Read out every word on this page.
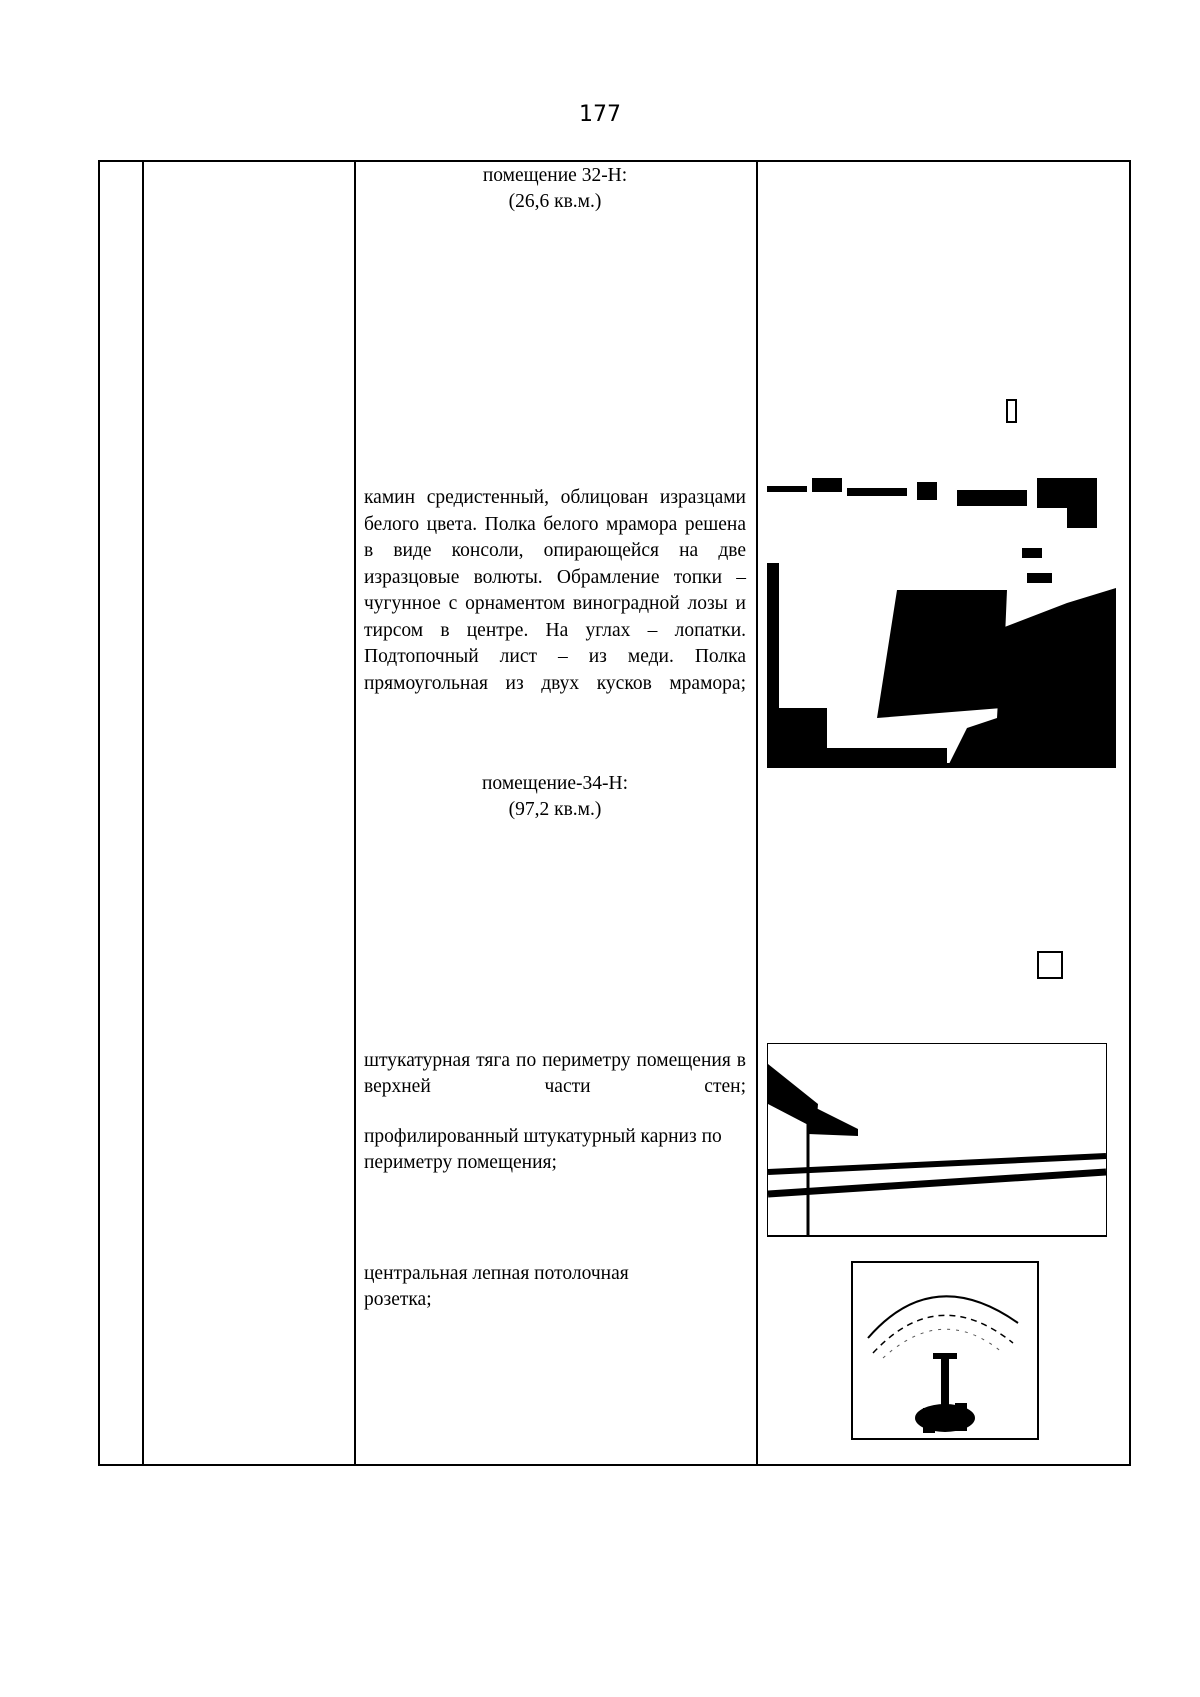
177
помещение 32-Н:
(26,6 кв.м.)
камин средистенный, облицован изразцами белого цвета. Полка белого мрамора решена в виде консоли, опирающейся на две изразцовые волюты. Обрамление топки – чугунное с орнаментом виноградной лозы и тирсом в центре. На углах – лопатки. Подтопочный лист – из меди. Полка прямоугольная из двух кусков мрамора;
помещение-34-Н:
(97,2 кв.м.)
штукатурная тяга по периметру помещения в верхней части стен;
профилированный штукатурный карниз по периметру помещения;
центральная лепная потолочная розетка;
